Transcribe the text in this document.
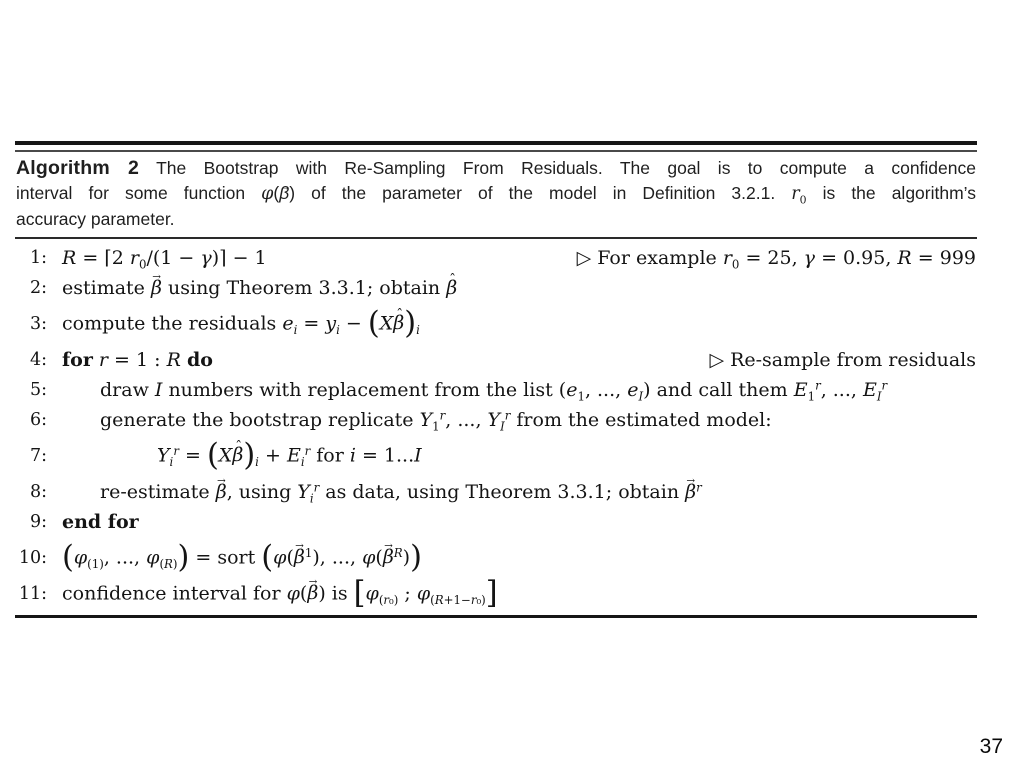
Algorithm 2 The Bootstrap with Re-Sampling From Residuals. The goal is to compute a confidence
interval for some function φ(β →) of the parameter of the model in Definition 3.2.1. $r_0$ is the algorithm’s
accuracy parameter.
1: R = ⌈2 $r_0/(1$ − γ)⌉ − 1	▷ For example $r_0 = 25$, γ = 0.95, R = 999
2: estimate β → using Theorem 3.3.1; obtain β ˆ
3: compute the residuals $e_i = y_i - (X\beta$ $ˆ)_i$
4: for r = 1 : R do	▷ Re-sample from residuals
5:	draw I numbers with replacement from the list ($e_1$, ..., $e_I$) and call them $E_1^r$, ..., $E_I^r$
6:	generate the bootstrap replicate $Y_1^r$, ..., $Y_I^r$ from the estimated model:
7:	$Y_i^r = (X\beta$ $ˆ)_i + E_i^r$ for i = 1...I
8:	re-estimate β →, using $Y_i^r$ as data, using Theorem 3.3.1; obtain β →$^r$
9: end for
10: ($\varphi_{(1)}$, ..., $\varphi_{(R)}$) = sort (φ(β →$^1$), ..., φ(β →$^R$))
11: confidence interval for φ(β →) is [$\varphi_{(r_0)}$ ; $\varphi_{(R+1-r_0)}$]
37
